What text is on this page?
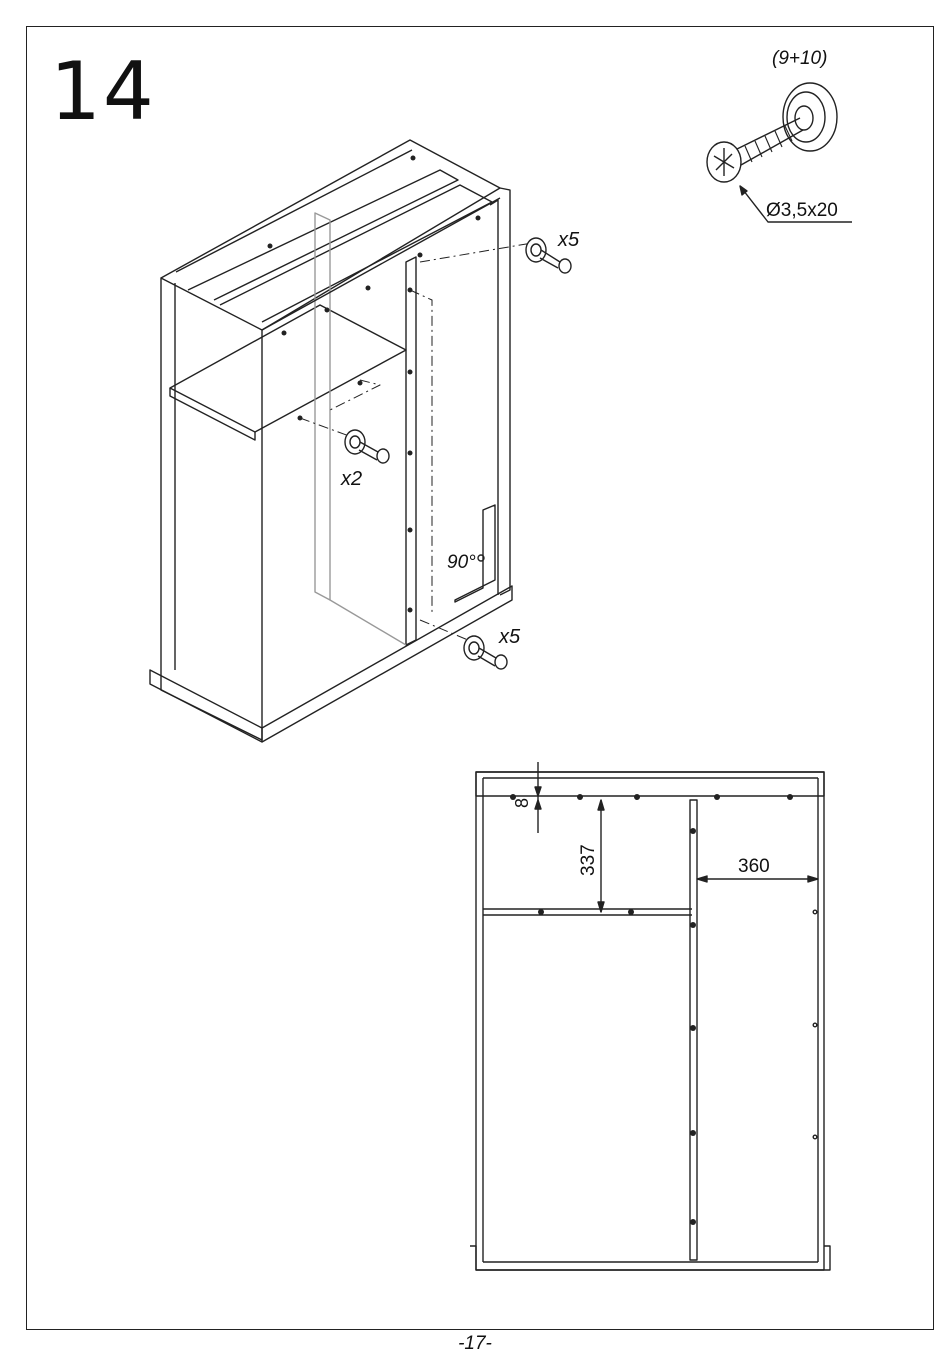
14	(9+10)
Ø3,5x20
x5
x2
x5
90°
8
337	360
-17-
